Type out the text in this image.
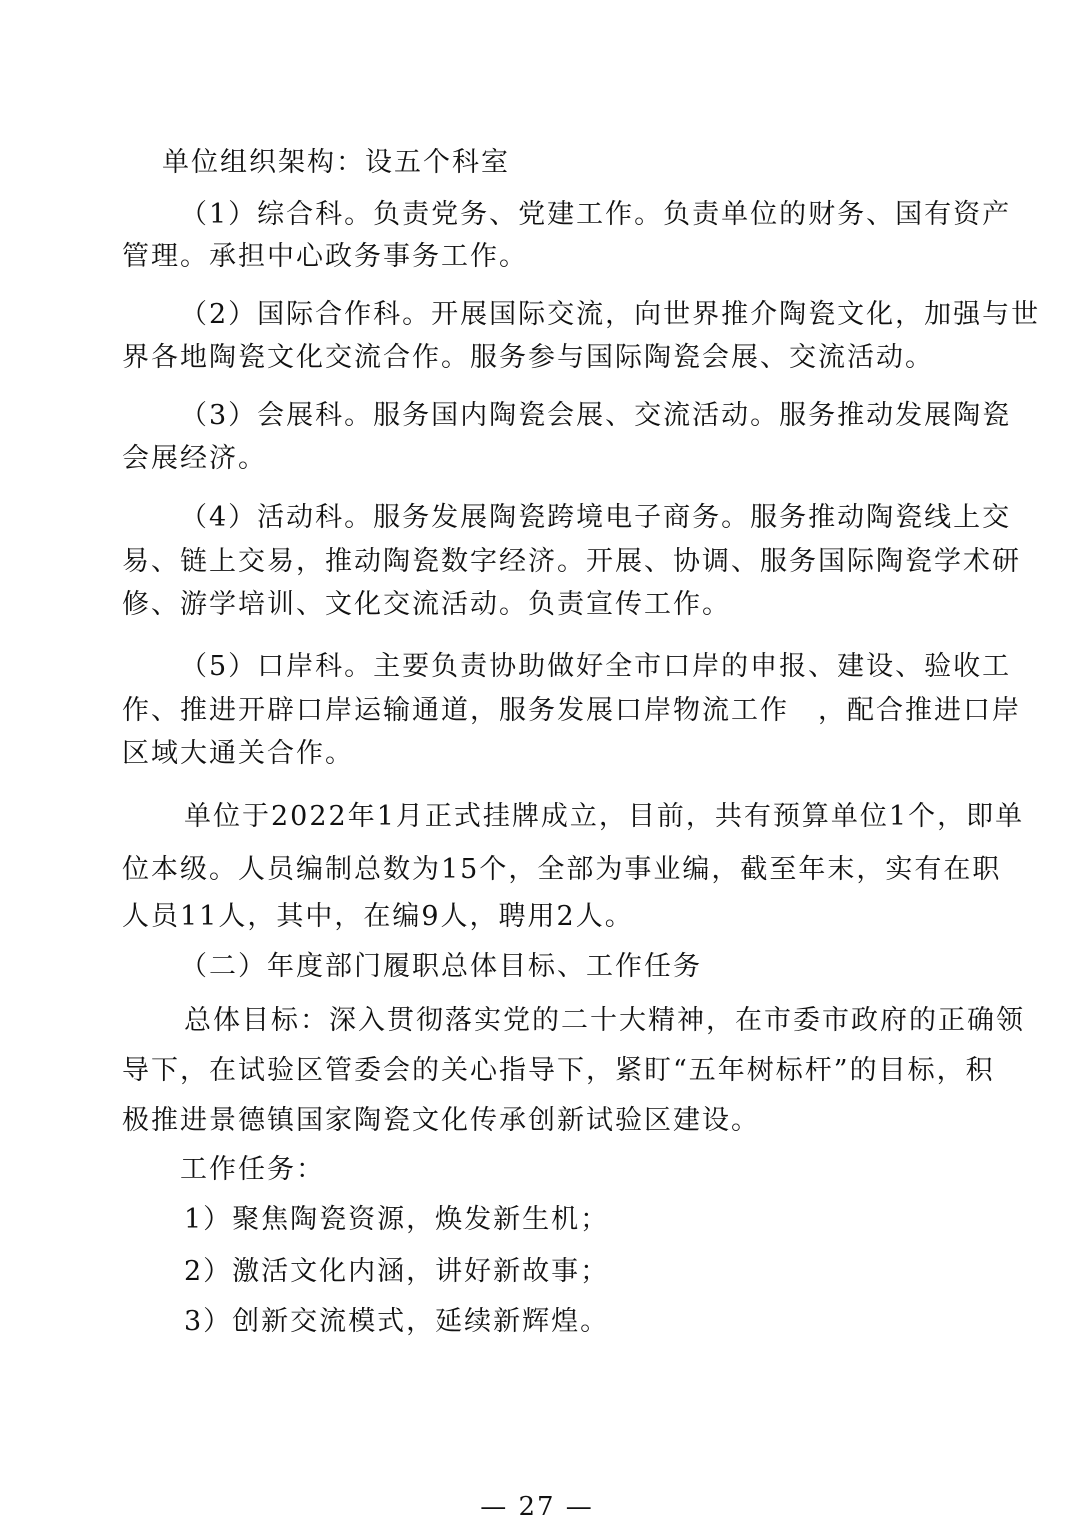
单位组织架构：设五个科室
（1）综合科。负责党务、党建工作。负责单位的财务、国有资产
管理。承担中心政务事务工作。
（2）国际合作科。开展国际交流，向世界推介陶瓷文化，加强与世
界各地陶瓷文化交流合作。服务参与国际陶瓷会展、交流活动。
（3）会展科。服务国内陶瓷会展、交流活动。服务推动发展陶瓷
会展经济。
（4）活动科。服务发展陶瓷跨境电子商务。服务推动陶瓷线上交
易、链上交易，推动陶瓷数字经济。开展、协调、服务国际陶瓷学术研
修、游学培训、文化交流活动。负责宣传工作。
（5）口岸科。主要负责协助做好全市口岸的申报、建设、验收工
作、推进开辟口岸运输通道，服务发展口岸物流工作　，配合推进口岸
区域大通关合作。
单位于2022年1月正式挂牌成立，目前，共有预算单位1个，即单
位本级。人员编制总数为15个，全部为事业编，截至年末，实有在职
人员11人，其中，在编9人，聘用2人。
（二）年度部门履职总体目标、工作任务
总体目标：深入贯彻落实党的二十大精神，在市委市政府的正确领
导下，在试验区管委会的关心指导下，紧盯“五年树标杆”的目标，积
极推进景德镇国家陶瓷文化传承创新试验区建设。
工作任务：
1）聚焦陶瓷资源，焕发新生机；
2）激活文化内涵，讲好新故事；
3）创新交流模式，延续新辉煌。
— 27 —
